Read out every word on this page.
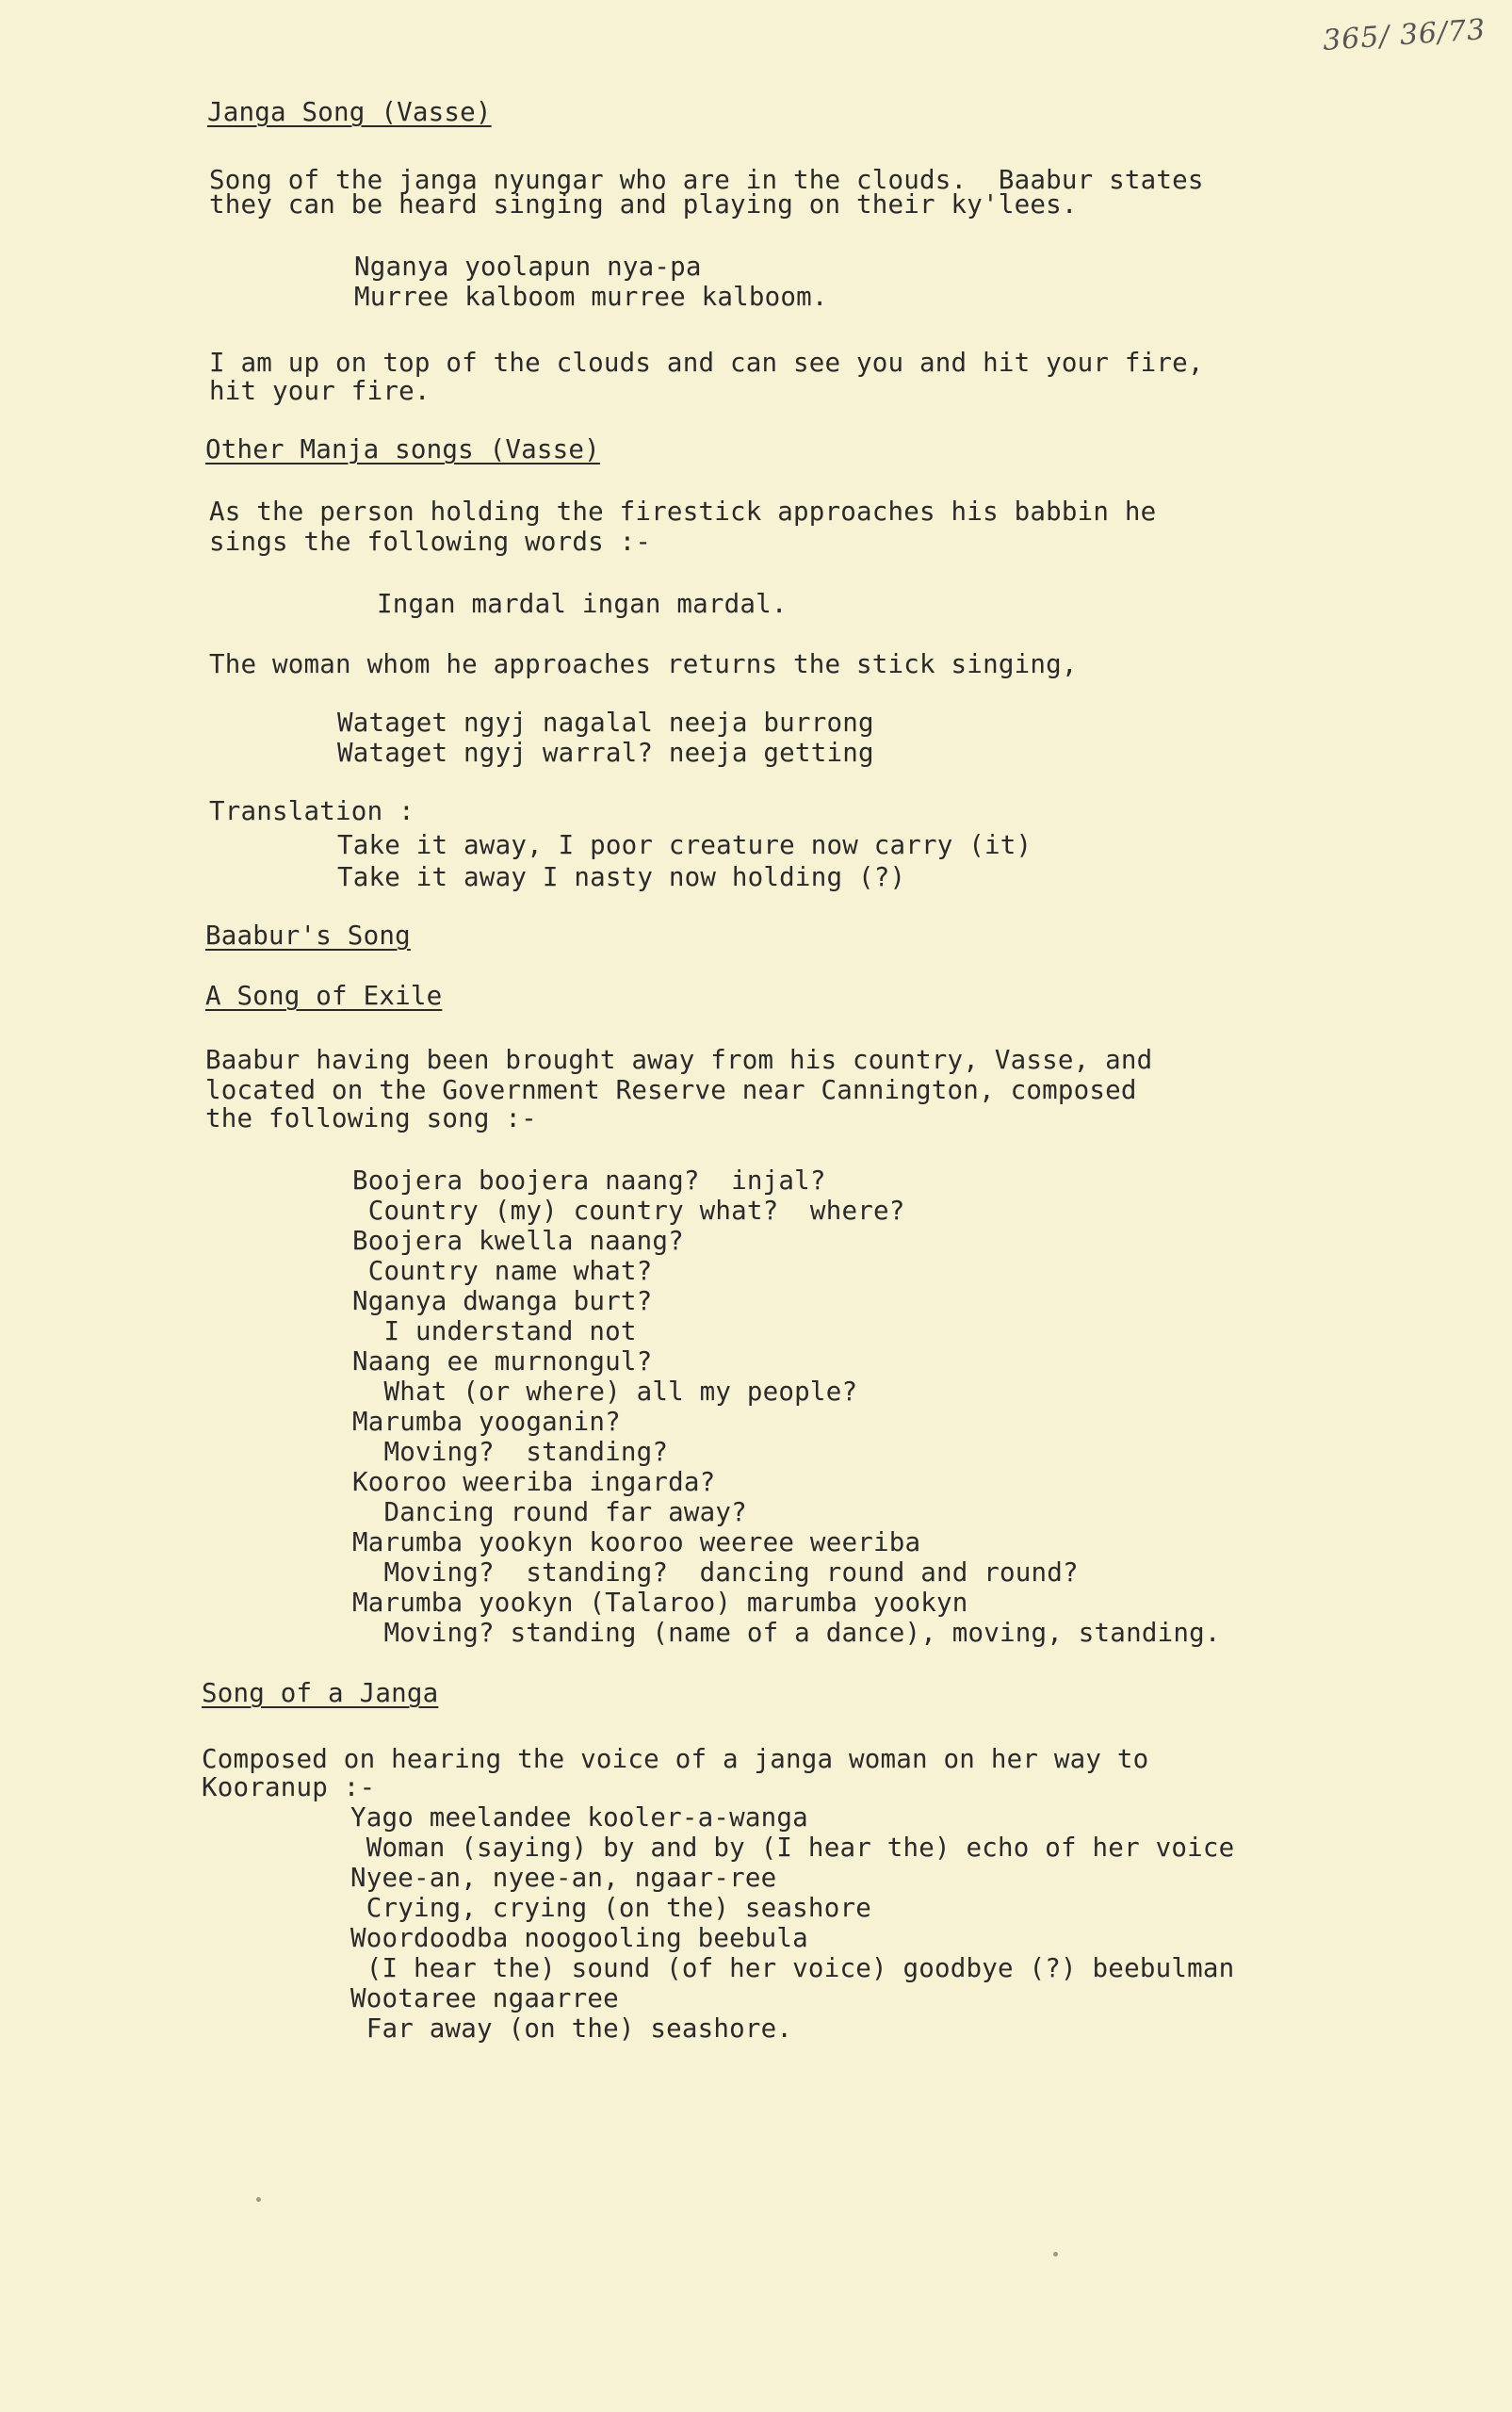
365/ 36/73
Janga Song (Vasse)
Song of the janga nyungar who are in the clouds.  Baabur states
they can be heard singing and playing on their ky'lees.
Nganya yoolapun nya-pa
Murree kalboom murree kalboom.
I am up on top of the clouds and can see you and hit your fire,
hit your fire.
Other Manja songs (Vasse)
As the person holding the firestick approaches his babbin he
sings the following words :-
Ingan mardal ingan mardal.
The woman whom he approaches returns the stick singing,
Wataget ngyj nagalal neeja burrong
Wataget ngyj warral? neeja getting
Translation :
Take it away, I poor creature now carry (it)
Take it away I nasty now holding (?)
Baabur's Song
A Song of Exile
Baabur having been brought away from his country, Vasse, and
located on the Government Reserve near Cannington, composed
the following song :-
Boojera boojera naang?  injal?
Country (my) country what?  where?
Boojera kwella naang?
Country name what?
Nganya dwanga burt?
I understand not
Naang ee murnongul?
What (or where) all my people?
Marumba yooganin?
Moving?  standing?
Kooroo weeriba ingarda?
Dancing round far away?
Marumba yookyn kooroo weeree weeriba
Moving?  standing?  dancing round and round?
Marumba yookyn (Talaroo) marumba yookyn
Moving? standing (name of a dance), moving, standing.
Song of a Janga
Composed on hearing the voice of a janga woman on her way to
Kooranup :-
Yago meelandee kooler-a-wanga
Woman (saying) by and by (I hear the) echo of her voice
Nyee-an, nyee-an, ngaar-ree
Crying, crying (on the) seashore
Woordoodba noogooling beebula
(I hear the) sound (of her voice) goodbye (?) beebulman
Wootaree ngaarree
Far away (on the) seashore.
